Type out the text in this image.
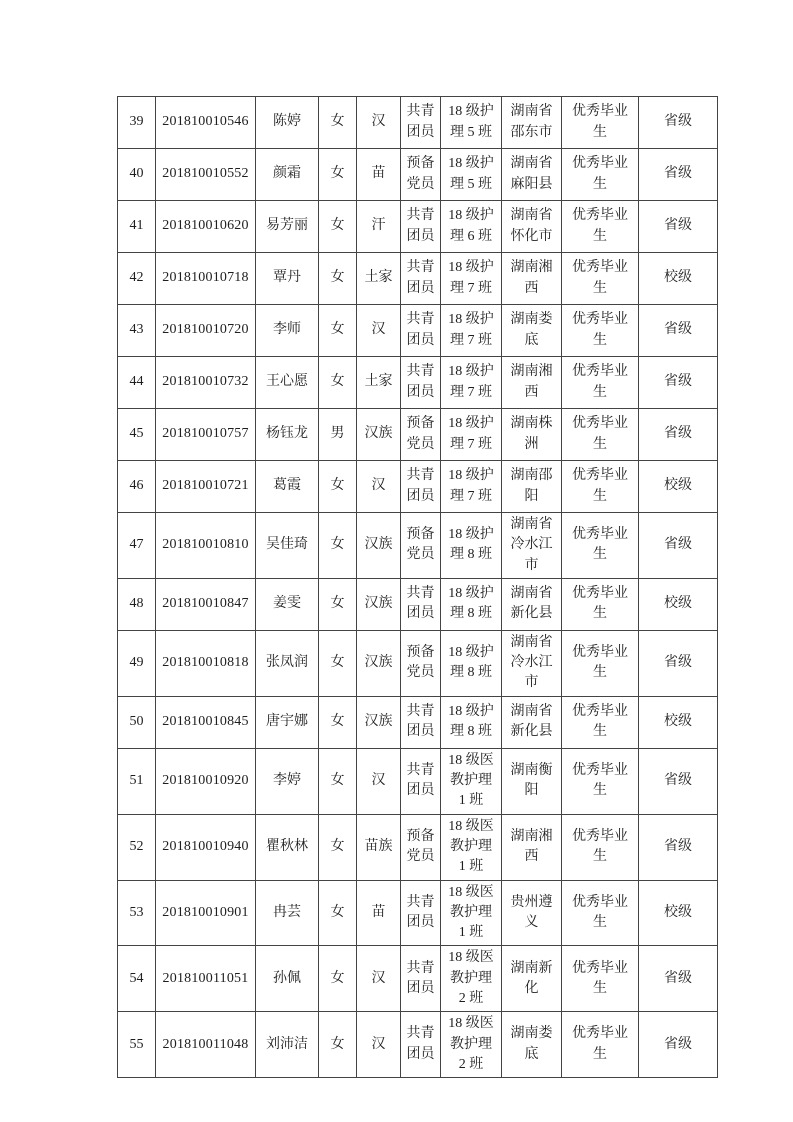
39	201810010546	陈婷	女	汉	共青团员	18 级护理 5 班	湖南省邵东市	优秀毕业生	省级
40	201810010552	颜霜	女	苗	预备党员	18 级护理 5 班	湖南省麻阳县	优秀毕业生	省级
41	201810010620	易芳丽	女	汗	共青团员	18 级护理 6 班	湖南省怀化市	优秀毕业生	省级
42	201810010718	覃丹	女	土家	共青团员	18 级护理 7 班	湖南湘西	优秀毕业生	校级
43	201810010720	李师	女	汉	共青团员	18 级护理 7 班	湖南娄底	优秀毕业生	省级
44	201810010732	王心愿	女	土家	共青团员	18 级护理 7 班	湖南湘西	优秀毕业生	省级
45	201810010757	杨钰龙	男	汉族	预备党员	18 级护理 7 班	湖南株洲	优秀毕业生	省级
46	201810010721	葛霞	女	汉	共青团员	18 级护理 7 班	湖南邵阳	优秀毕业生	校级
47	201810010810	吴佳琦	女	汉族	预备党员	18 级护理 8 班	湖南省冷水江市	优秀毕业生	省级
48	201810010847	姜雯	女	汉族	共青团员	18 级护理 8 班	湖南省新化县	优秀毕业生	校级
49	201810010818	张凤润	女	汉族	预备党员	18 级护理 8 班	湖南省冷水江市	优秀毕业生	省级
50	201810010845	唐宇娜	女	汉族	共青团员	18 级护理 8 班	湖南省新化县	优秀毕业生	校级
51	201810010920	李婷	女	汉	共青团员	18 级医教护理 1 班	湖南衡阳	优秀毕业生	省级
52	201810010940	瞿秋林	女	苗族	预备党员	18 级医教护理 1 班	湖南湘西	优秀毕业生	省级
53	201810010901	冉芸	女	苗	共青团员	18 级医教护理 1 班	贵州遵义	优秀毕业生	校级
54	201810011051	孙佩	女	汉	共青团员	18 级医教护理 2 班	湖南新化	优秀毕业生	省级
55	201810011048	刘沛洁	女	汉	共青团员	18 级医教护理 2 班	湖南娄底	优秀毕业生	省级
